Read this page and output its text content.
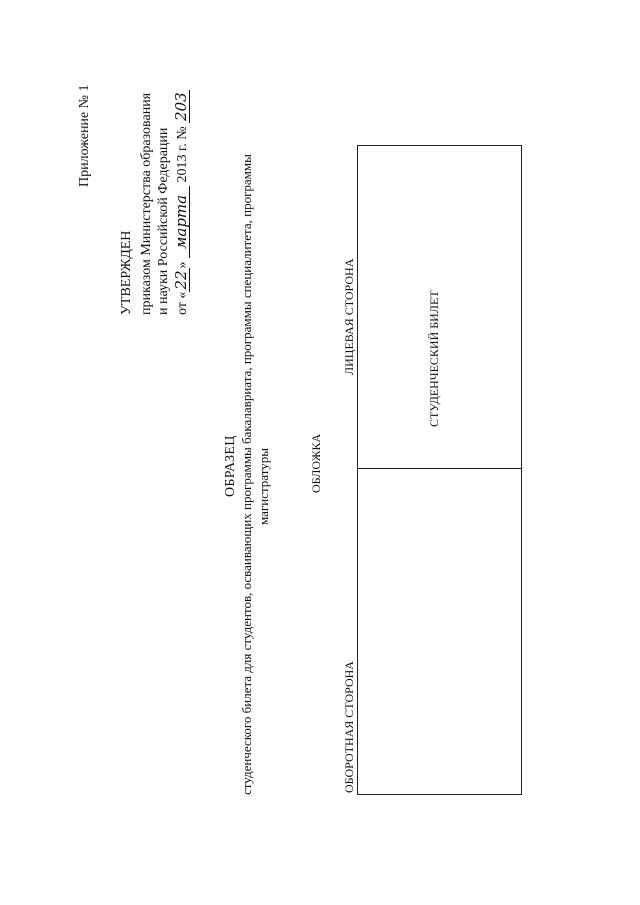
Приложение № 1
УТВЕРЖДЕН приказом Министерства образования и науки Российской Федерации от «22» марта 2013 г. № 203
ОБРАЗЕЦ студенческого билета для студентов, осваивающих программы бакалавриата, программы специалитета, программы магистратуры	ОБЛОЖКА
ОБОРОТНАЯ СТОРОНА
ЛИЦЕВАЯ СТОРОНА	СТУДЕНЧЕСКИЙ БИЛЕТ
